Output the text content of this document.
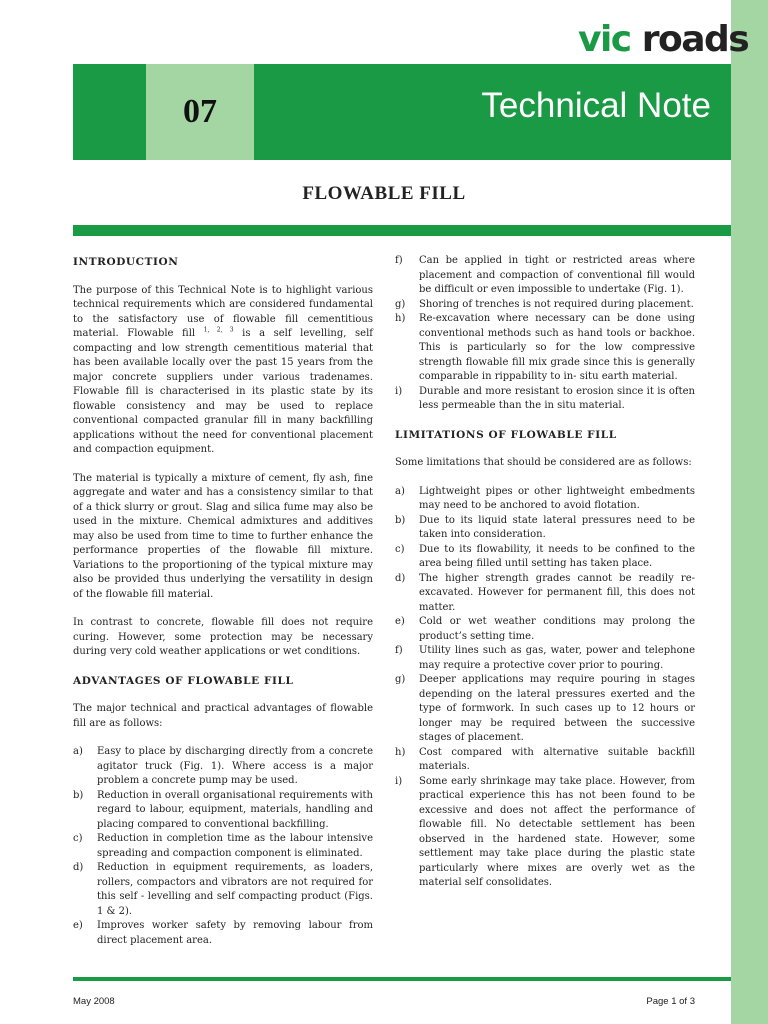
vic roads
07	Technical Note
FLOWABLE FILL
INTRODUCTION

The purpose of this Technical Note is to highlight various technical requirements which are considered fundamental to the satisfactory use of flowable fill cementitious material. Flowable fill $^{1, 2, 3}$ is a self levelling, self compacting and low strength cementitious material that has been available locally over the past 15 years from the major concrete suppliers under various tradenames. Flowable fill is characterised in its plastic state by its flowable consistency and may be used to replace conventional compacted granular fill in many backfilling applications without the need for conventional placement and compaction equipment.

The material is typically a mixture of cement, fly ash, fine aggregate and water and has a consistency similar to that of a thick slurry or grout. Slag and silica fume may also be used in the mixture. Chemical admixtures and additives may also be used from time to time to further enhance the performance properties of the flowable fill mixture. Variations to the proportioning of the typical mixture may also be provided thus underlying the versatility in design of the flowable fill material.

In contrast to concrete, flowable fill does not require curing. However, some protection may be necessary during very cold weather applications or wet conditions.

ADVANTAGES OF FLOWABLE FILL

The major technical and practical advantages of flowable fill are as follows:

a) Easy to place by discharging directly from a concrete agitator truck (Fig. 1). Where access is a major problem a concrete pump may be used.
b) Reduction in overall organisational requirements with regard to labour, equipment, materials, handling and placing compared to conventional backfilling.
c) Reduction in completion time as the labour intensive spreading and compaction component is eliminated.
d) Reduction in equipment requirements, as loaders, rollers, compactors and vibrators are not required for this self - levelling and self compacting product (Figs. 1 & 2).
e) Improves worker safety by removing labour from direct placement area.
f) Can be applied in tight or restricted areas where placement and compaction of conventional fill would be difficult or even impossible to undertake (Fig. 1).
g) Shoring of trenches is not required during placement.
h) Re-excavation where necessary can be done using conventional methods such as hand tools or backhoe. This is particularly so for the low compressive strength flowable fill mix grade since this is generally comparable in rippability to in- situ earth material.
i) Durable and more resistant to erosion since it is often less permeable than the in situ material.
LIMITATIONS OF FLOWABLE FILL

Some limitations that should be considered are as follows:

a) Lightweight pipes or other lightweight embedments may need to be anchored to avoid flotation.
b) Due to its liquid state lateral pressures need to be taken into consideration.
c) Due to its flowability, it needs to be confined to the area being filled until setting has taken place.
d) The higher strength grades cannot be readily re-excavated. However for permanent fill, this does not matter.
e) Cold or wet weather conditions may prolong the product’s setting time.
f) Utility lines such as gas, water, power and telephone may require a protective cover prior to pouring.
g) Deeper applications may require pouring in stages depending on the lateral pressures exerted and the type of formwork. In such cases up to 12 hours or longer may be required between the successive stages of placement.
h) Cost compared with alternative suitable backfill materials.
i) Some early shrinkage may take place. However, from practical experience this has not been found to be excessive and does not affect the performance of flowable fill. No detectable settlement has been observed in the hardened state. However, some settlement may take place during the plastic state particularly where mixes are overly wet as the material self consolidates.
May 2008	Page 1 of 3
